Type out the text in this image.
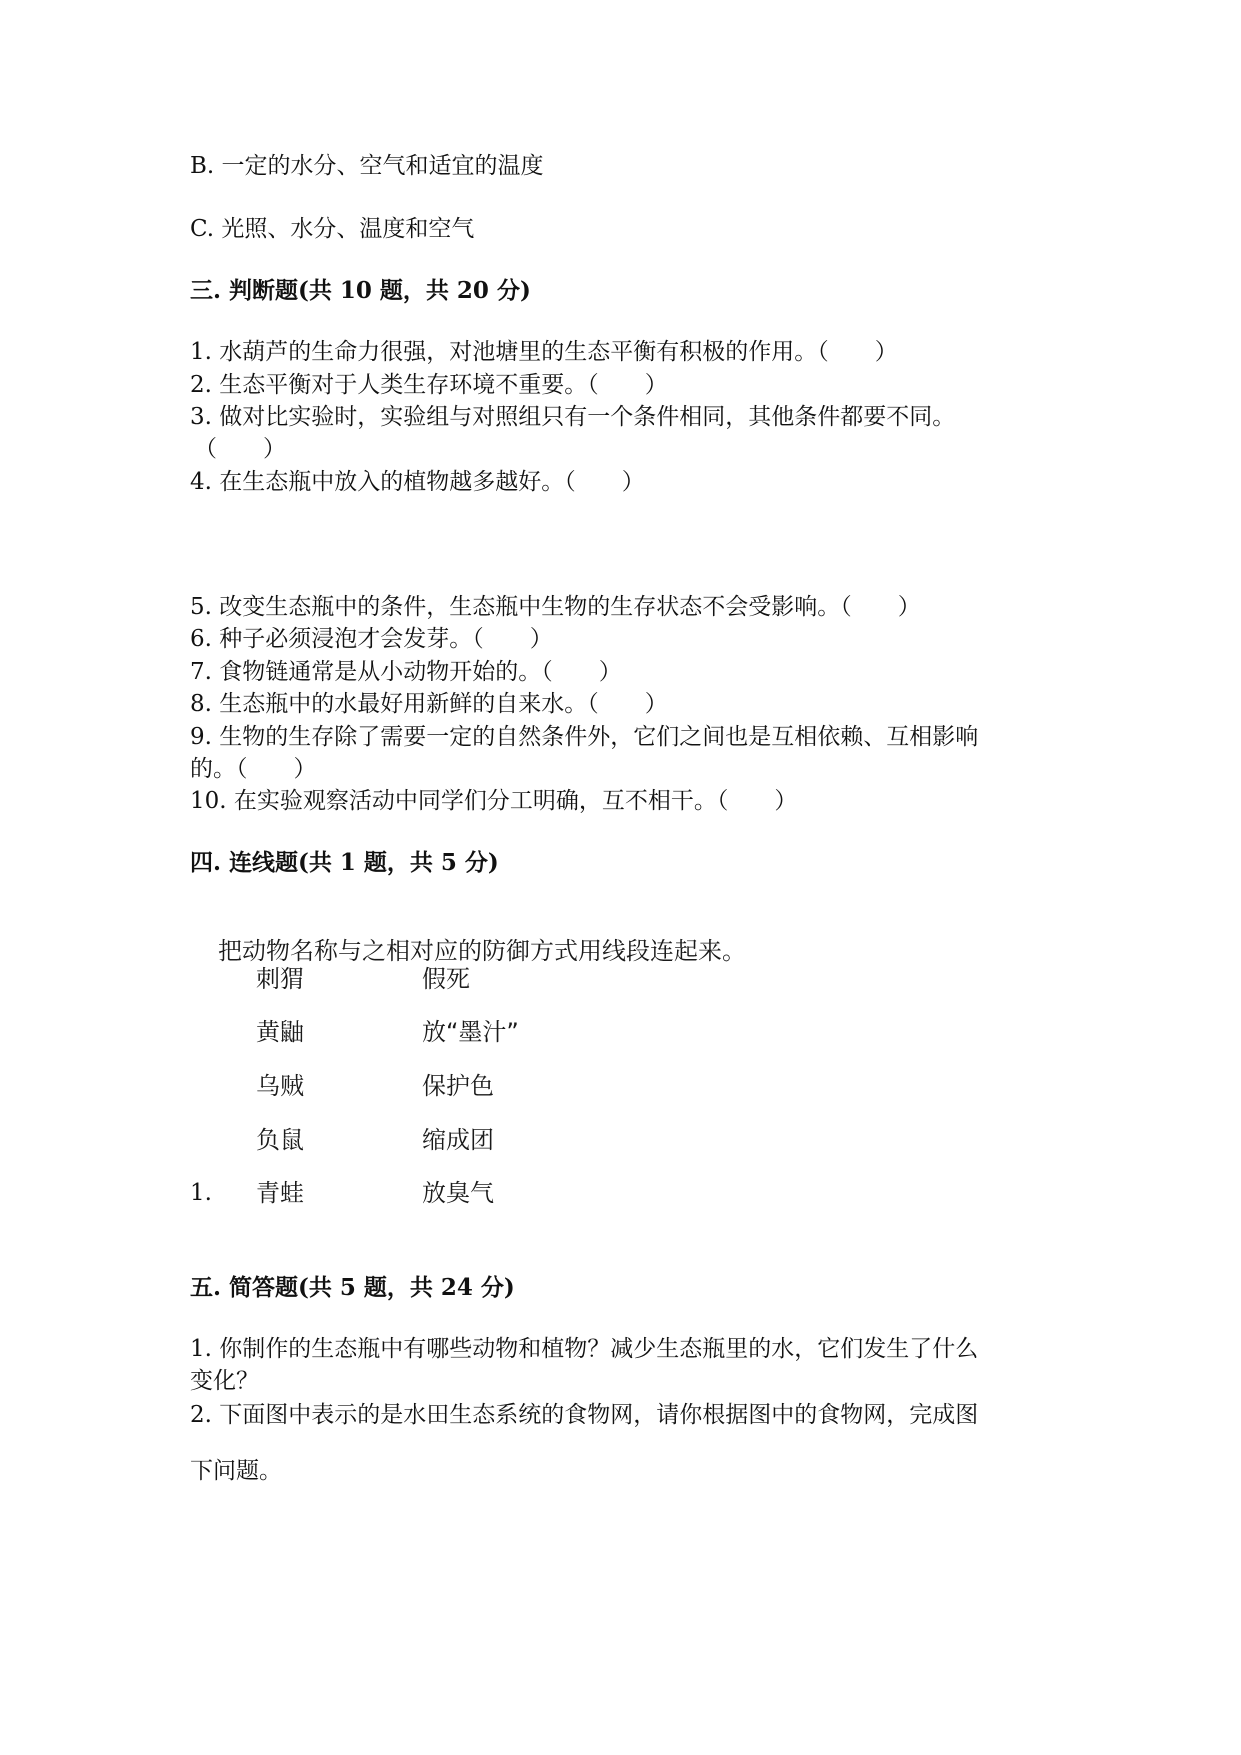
B. 一定的水分、空气和适宜的温度

C. 光照、水分、温度和空气

三. 判断题(共 10 题，共 20 分)

1. 水葫芦的生命力很强，对池塘里的生态平衡有积极的作用。（　　）

2. 生态平衡对于人类生存环境不重要。（　　）

3. 做对比实验时，实验组与对照组只有一个条件相同，其他条件都要不同。

（　　）

4. 在生态瓶中放入的植物越多越好。（　　）

5. 改变生态瓶中的条件，生态瓶中生物的生存状态不会受影响。（　　）

6. 种子必须浸泡才会发芽。（　　）

7. 食物链通常是从小动物开始的。（　　）

8. 生态瓶中的水最好用新鲜的自来水。（　　）

9. 生物的生存除了需要一定的自然条件外，它们之间也是互相依赖、互相影响

的。（　　）

10. 在实验观察活动中同学们分工明确，互不相干。（　　）

四. 连线题(共 1 题，共 5 分)

把动物名称与之相对应的防御方式用线段连起来。

刺猬	假死
黄鼬	放“墨汁”
乌贼	保护色
负鼠	缩成团
青蛙	放臭气

1.

五. 简答题(共 5 题，共 24 分)

1. 你制作的生态瓶中有哪些动物和植物？减少生态瓶里的水，它们发生了什么

变化？

2. 下面图中表示的是水田生态系统的食物网，请你根据图中的食物网，完成图

下问题。
